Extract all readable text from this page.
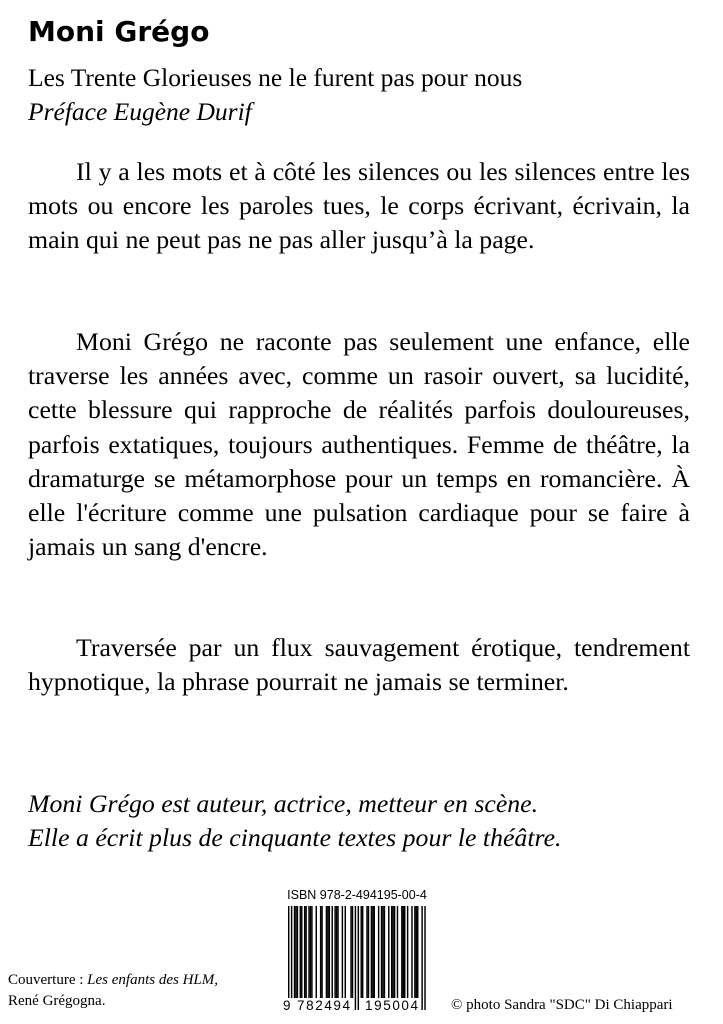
Moni Grégo
Les Trente Glorieuses ne le furent pas pour nous
Préface Eugène Durif

Il y a les mots et à côté les silences ou les silences entre les mots ou encore les paroles tues, le corps écrivant, écrivain, la main qui ne peut pas ne pas aller jusqu’à la page.

Moni Grégo ne raconte pas seulement une enfance, elle traverse les années avec, comme un rasoir ouvert, sa lucidité, cette blessure qui rapproche de réalités parfois douloureuses, parfois extatiques, toujours authentiques. Femme de théâtre, la dramaturge se métamorphose pour un temps en romancière. À elle l'écriture comme une pulsation cardiaque pour se faire à jamais un sang d'encre.

Traversée par un flux sauvagement érotique, tendrement hypnotique, la phrase pourrait ne jamais se terminer.

Moni Grégo est auteur, actrice, metteur en scène.
Elle a écrit plus de cinquante textes pour le théâtre.
ISBN 978-2-494195-00-4
9 782494 195004
Couverture : Les enfants des HLM,
René Grégogna.	© photo Sandra "SDC" Di Chiappari
